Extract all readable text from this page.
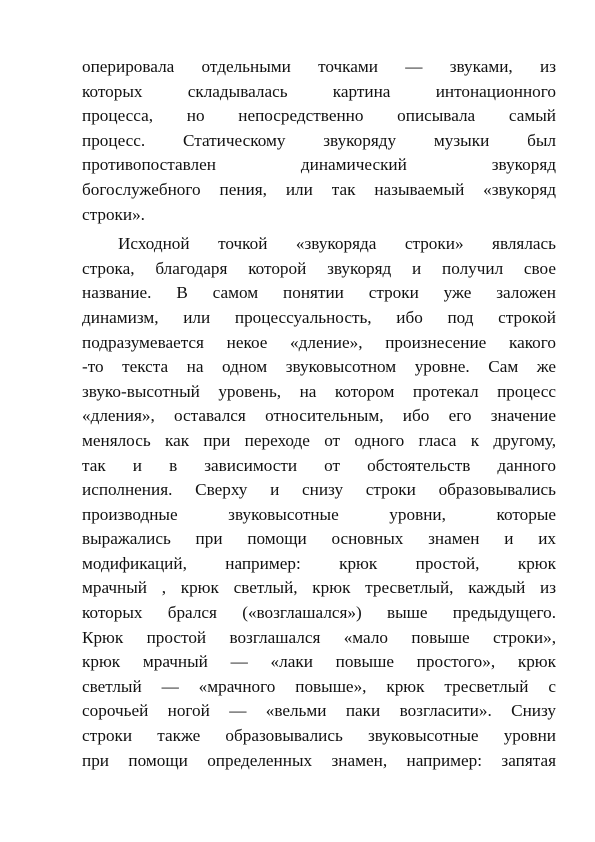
оперировала отдельными точками — звуками, из
которых складывалась картина интонационного
процесса, но непосредственно описывала самый
процесс. Статическому звукоряду музыки был
противопоставлен динамический звукоряд
богослужебного пения, или так называемый «звукоряд
строки».
Исходной точкой «звукоряда строки» являлась
строка, благодаря которой звукоряд и получил свое
название. В самом понятии строки уже заложен
динамизм, или процессуальность, ибо под строкой
подразумевается некое «дление», произнесение какого
-то текста на одном звуковысотном уровне. Сам же
звуко-высотный уровень, на котором протекал процесс
«дления», оставался относительным, ибо его значение
менялось как при переходе от одного гласа к другому,
так и в зависимости от обстоятельств данного
исполнения. Сверху и снизу строки образовывались
производные звуковысотные уровни, которые
выражались при помощи основных знамен и их
модификаций, например: крюк простой, крюк
мрачный , крюк светлый, крюк тресветлый, каждый из
которых брался («возглашался») выше предыдущего.
Крюк простой возглашался «мало повыше строки»,
крюк мрачный — «лаки повыше простого», крюк
светлый — «мрачного повыше», крюк тресветлый с
сорочьей ногой — «вельми паки возгласити». Снизу
строки также образовывались звуковысотные уровни
при помощи определенных знамен, например: запятая
